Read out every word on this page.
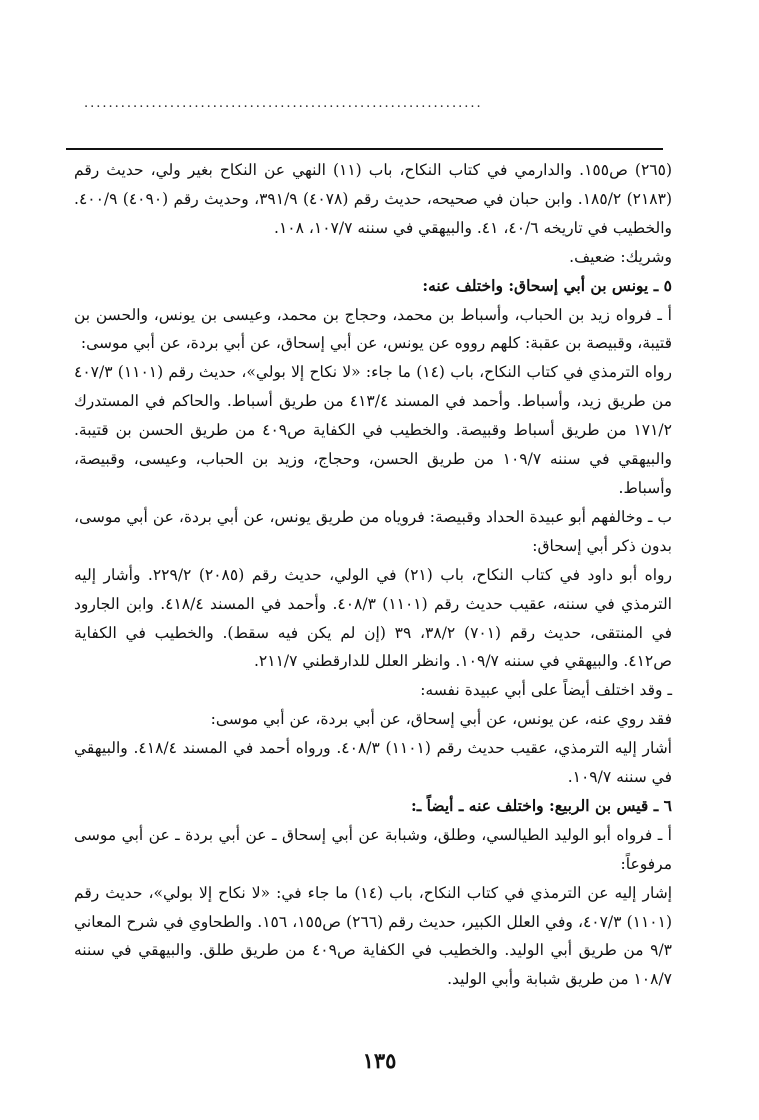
.................................................................

(٢٦٥) ص١٥٥. والدارمي في كتاب النكاح، باب (١١) النهي عن النكاح بغير ولي، حديث رقم (٢١٨٣) ١٨٥/٢. وابن حبان في صحيحه، حديث رقم (٤٠٧٨) ٣٩١/٩، وحديث رقم (٤٠٩٠) ٤٠٠/٩. والخطيب في تاريخه ٤٠/٦، ٤١. والبيهقي في سننه ١٠٧/٧، ١٠٨.

وشريك: ضعيف.

٥ ـ يونس بن أبي إسحاق: واختلف عنه:

أ ـ فرواه زيد بن الحباب، وأسباط بن محمد، وحجاج بن محمد، وعيسى بن يونس، والحسن بن قتيبة، وقبيصة بن عقبة: كلهم رووه عن يونس، عن أبي إسحاق، عن أبي بردة، عن أبي موسى:

رواه الترمذي في كتاب النكاح، باب (١٤) ما جاء: «لا نكاح إلا بولي»، حديث رقم (١١٠١) ٤٠٧/٣ من طريق زيد، وأسباط. وأحمد في المسند ٤١٣/٤ من طريق أسباط. والحاكم في المستدرك ١٧١/٢ من طريق أسباط وقبيصة. والخطيب في الكفاية ص٤٠٩ من طريق الحسن بن قتيبة. والبيهقي في سننه ١٠٩/٧ من طريق الحسن، وحجاج، وزيد بن الحباب، وعيسى، وقبيصة، وأسباط.

ب ـ وخالفهم أبو عبيدة الحداد وقبيصة: فروياه من طريق يونس، عن أبي بردة، عن أبي موسى، بدون ذكر أبي إسحاق:

رواه أبو داود في كتاب النكاح، باب (٢١) في الولي، حديث رقم (٢٠٨٥) ٢٢٩/٢. وأشار إليه الترمذي في سننه، عقيب حديث رقم (١١٠١) ٤٠٨/٣. وأحمد في المسند ٤١٨/٤. وابن الجارود في المنتقى، حديث رقم (٧٠١) ٣٨/٢، ٣٩ (إن لم يكن فيه سقط). والخطيب في الكفاية ص٤١٢. والبيهقي في سننه ١٠٩/٧. وانظر العلل للدارقطني ٢١١/٧.

ـ وقد اختلف أيضاً على أبي عبيدة نفسه:

فقد روي عنه، عن يونس، عن أبي إسحاق، عن أبي بردة، عن أبي موسى:

أشار إليه الترمذي، عقيب حديث رقم (١١٠١) ٤٠٨/٣. ورواه أحمد في المسند ٤١٨/٤. والبيهقي في سننه ١٠٩/٧.

٦ ـ قيس بن الربيع: واختلف عنه ـ أيضاً ـ:

أ ـ فرواه أبو الوليد الطيالسي، وطلق، وشبابة عن أبي إسحاق ـ عن أبي بردة ـ عن أبي موسى مرفوعاً:

إشار إليه عن الترمذي في كتاب النكاح، باب (١٤) ما جاء في: «لا نكاح إلا بولي»، حديث رقم (١١٠١) ٤٠٧/٣، وفي العلل الكبير، حديث رقم (٢٦٦) ص١٥٥، ١٥٦. والطحاوي في شرح المعاني ٩/٣ من طريق أبي الوليد. والخطيب في الكفاية ص٤٠٩ من طريق طلق. والبيهقي في سننه ١٠٨/٧ من طريق شبابة وأبي الوليد.

١٣٥
